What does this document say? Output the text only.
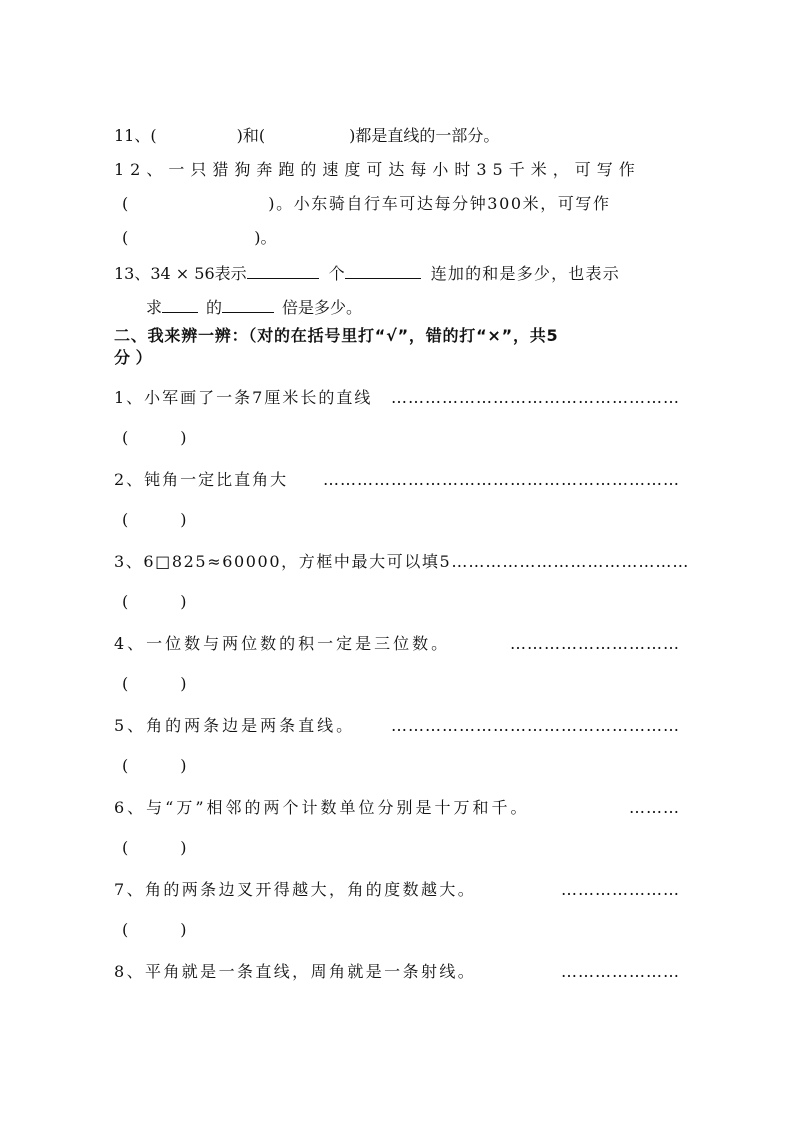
11、(	)和(	)都是直线的一部分。
12、一只猎狗奔跑的速度可达每小时35千米，可写作
(	)。小东骑自行车可达每分钟300米，可写作
(	)。
13、34 × 56表示	个	连加的和是多少，也表示
求	的	倍是多少。
二、我来辨一辨：（对的在括号里打“√”，错的打“×”，共5
分 ）
1、小军画了一条7厘米长的直线 ……………………………………………
(	)
2、钝角一定比直角大 ………………………………………………………
(	)
3、6□825≈60000，方框中最大可以填5 ……………………………………
(	)
4、一位数与两位数的积一定是三位数。	…………………………
(	)
5、角的两条边是两条直线。 ……………………………………………
(	)
6、与“万”相邻的两个计数单位分别是十万和千。	………
(	)
7、角的两条边叉开得越大，角的度数越大。	…………………
(	)
8、平角就是一条直线，周角就是一条射线。	…………………
